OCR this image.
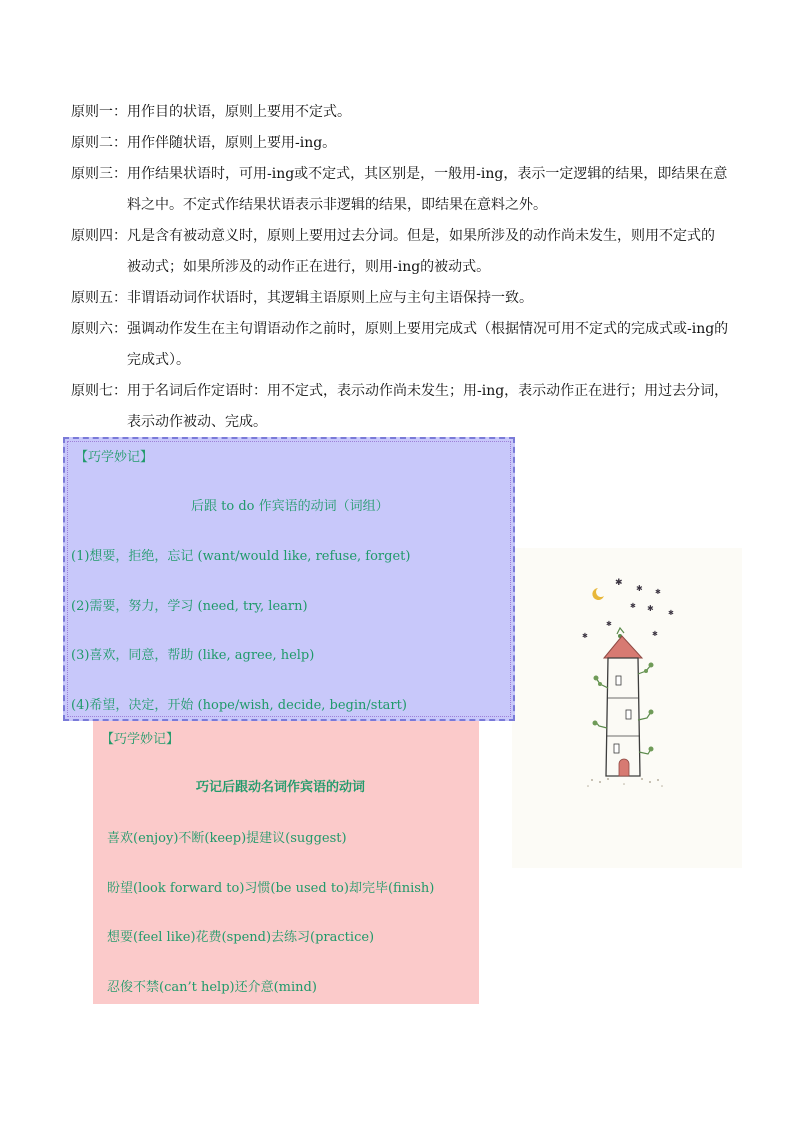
原则一： 用作目的状语，原则上要用不定式。
原则二： 用作伴随状语，原则上要用-ing。
原则三： 用作结果状语时，可用-ing或不定式，其区别是，一般用-ing，表示一定逻辑的结果，即结果在意
料之中。不定式作结果状语表示非逻辑的结果，即结果在意料之外。
原则四： 凡是含有被动意义时，原则上要用过去分词。但是，如果所涉及的动作尚未发生，则用不定式的
被动式；如果所涉及的动作正在进行，则用-ing的被动式。
原则五： 非谓语动词作状语时，其逻辑主语原则上应与主句主语保持一致。
原则六： 强调动作发生在主句谓语动作之前时，原则上要用完成式（根据情况可用不定式的完成式或-ing的
完成式）。
原则七： 用于名词后作定语时：用不定式，表示动作尚未发生；用-ing，表示动作正在进行；用过去分词，
表示动作被动、完成。
【巧学妙记】
后跟 to do 作宾语的动词（词组）
(1)想要，拒绝，忘记 (want/would like, refuse, forget)
(2)需要，努力，学习 (need, try, learn)
(3)喜欢，同意，帮助 (like, agree, help)
(4)希望，决定，开始 (hope/wish, decide, begin/start)
【巧学妙记】
巧记后跟动名词作宾语的动词
喜欢(enjoy)不断(keep)提建议(suggest)
盼望(look forward to)习惯(be used to)却完毕(finish)
想要(feel like)花费(spend)去练习(practice)
忍俊不禁(can’t help)还介意(mind)
✱
✱ ✱
✱ ✱ ✱
✱
✱
✱
